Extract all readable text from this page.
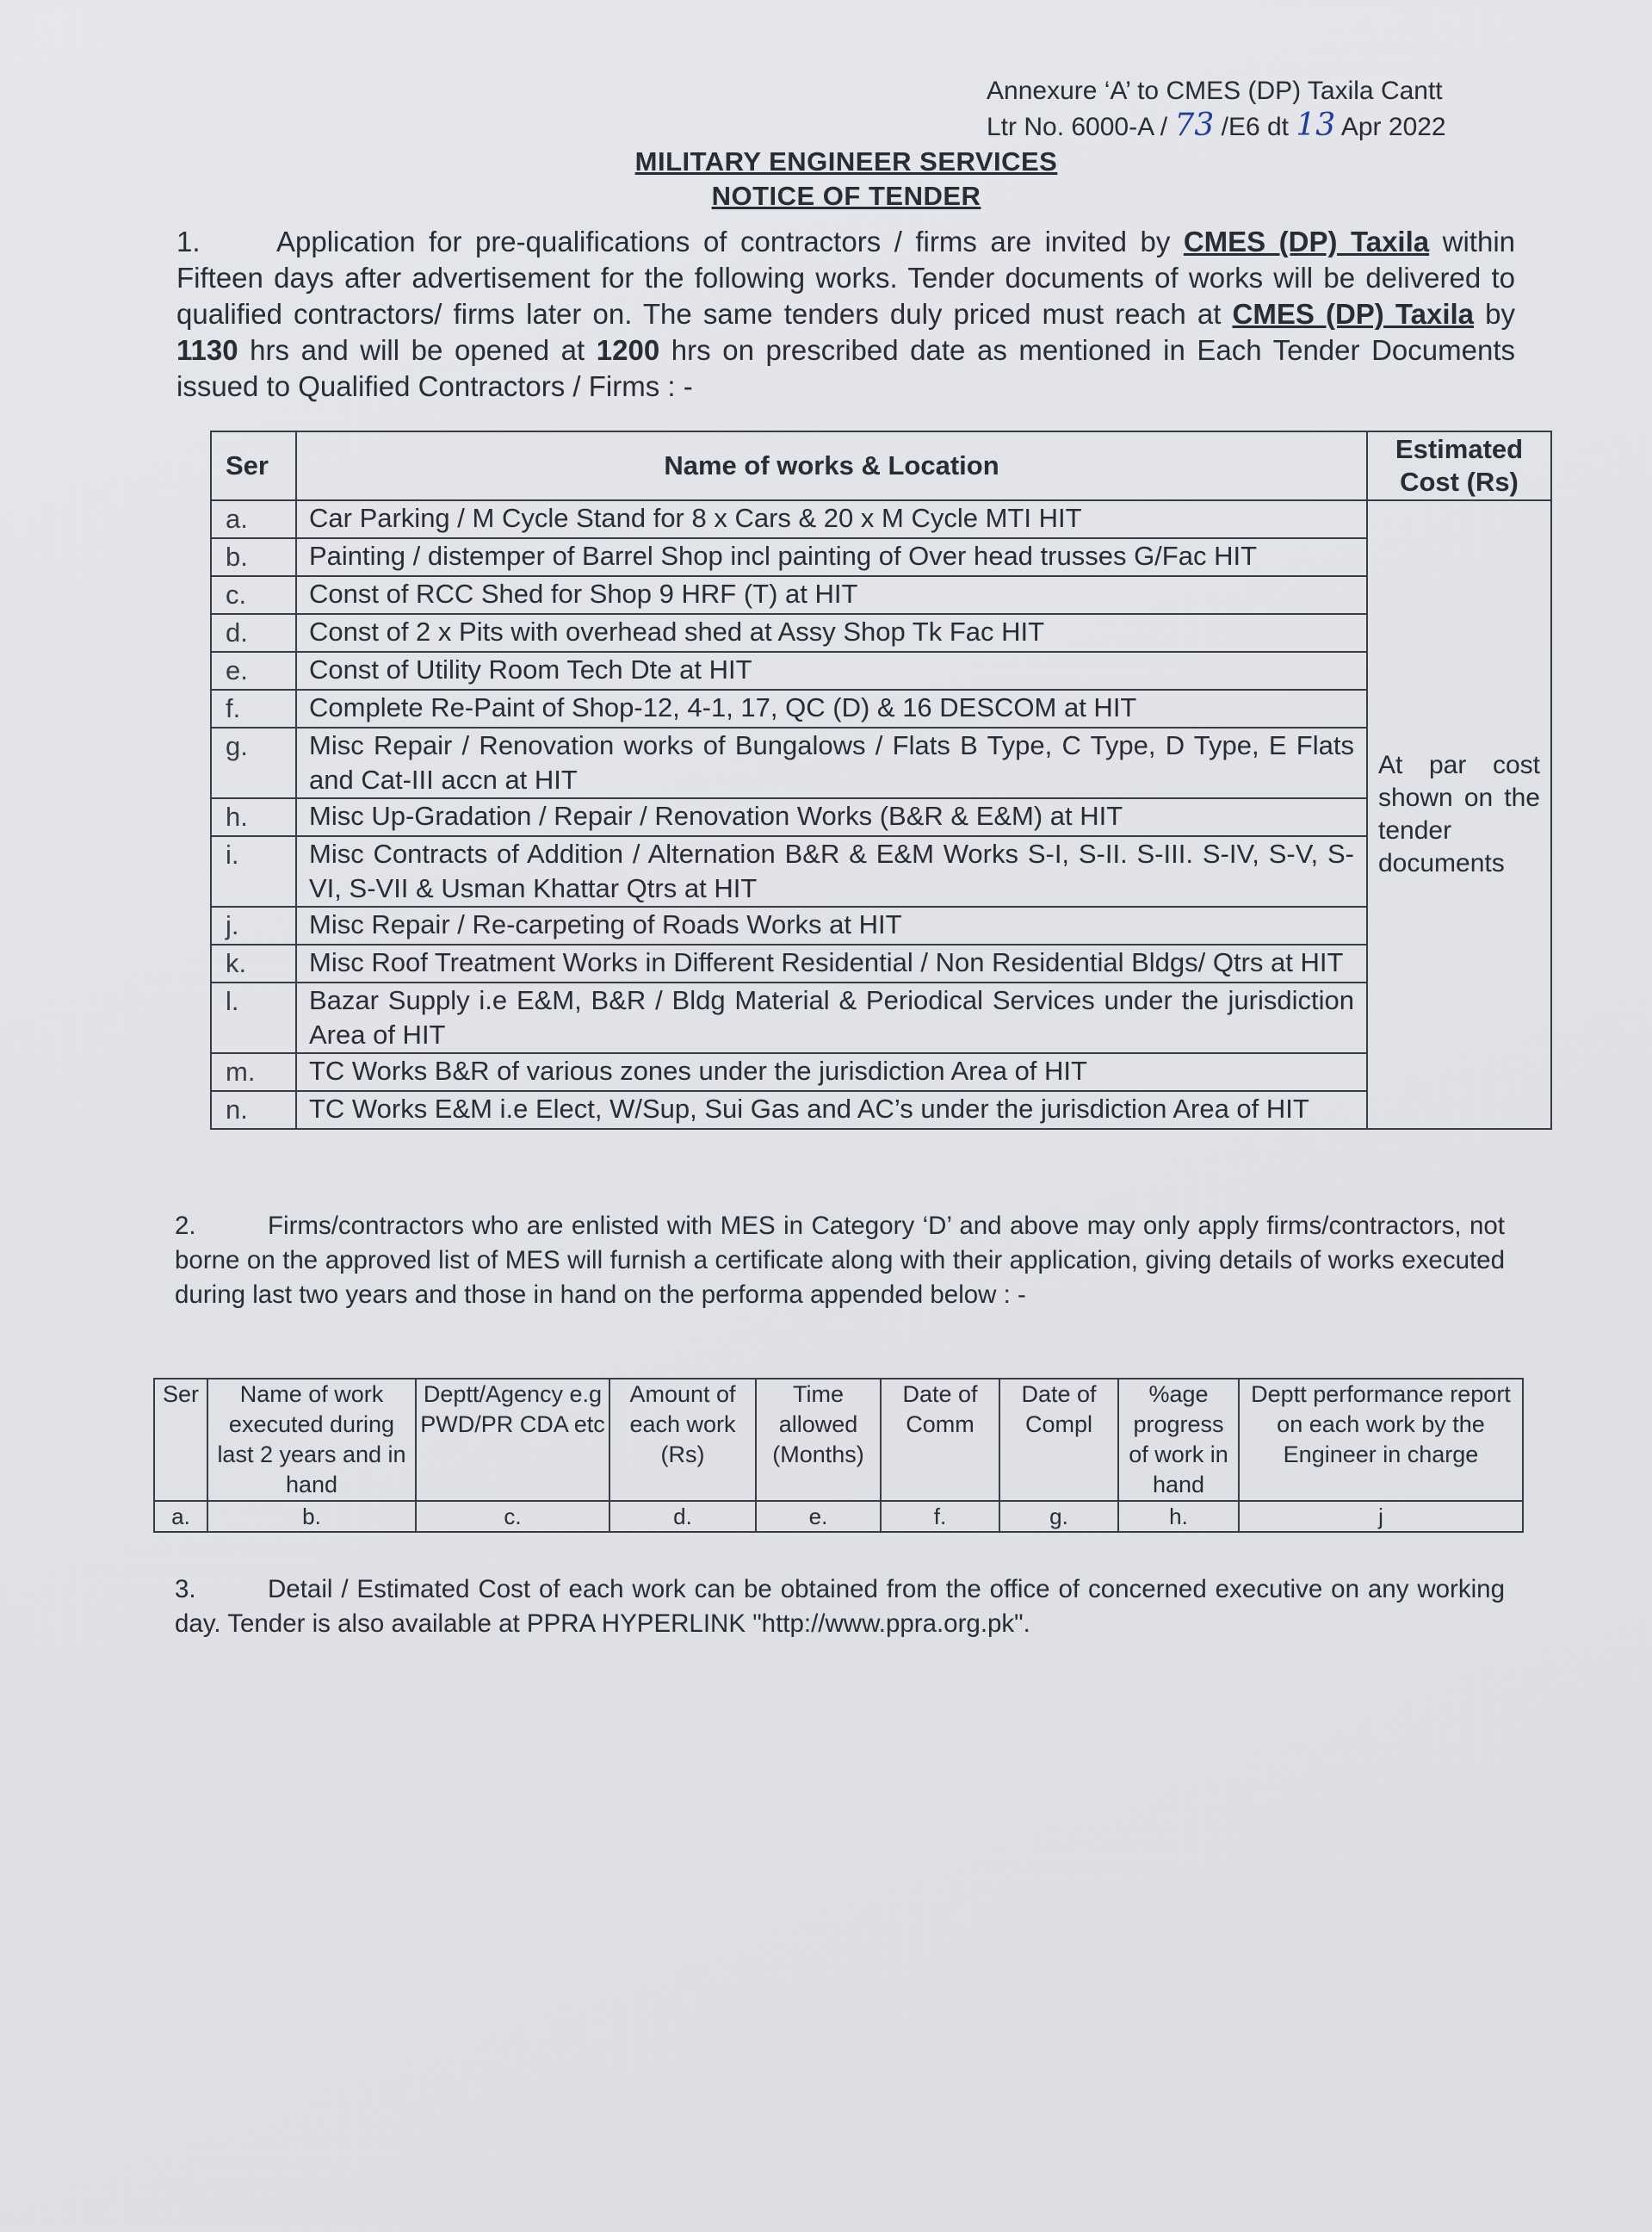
Annexure ‘A’ to CMES (DP) Taxila Cantt
Ltr No. 6000-A / 73 /E6 dt 13 Apr 2022
MILITARY ENGINEER SERVICES
NOTICE OF TENDER
1.	Application for pre-qualifications of contractors / firms are invited by CMES (DP) Taxila within Fifteen days after advertisement for the following works. Tender documents of works will be delivered to qualified contractors/ firms later on. The same tenders duly priced must reach at CMES (DP) Taxila by 1130 hrs and will be opened at 1200 hrs on prescribed date as mentioned in Each Tender Documents issued to Qualified Contractors / Firms : -
Ser	Name of works & Location	Estimated Cost (Rs)
a.	Car Parking / M Cycle Stand for 8 x Cars & 20 x M Cycle MTI HIT	At par cost shown on the tender documents
b.	Painting / distemper of Barrel Shop incl painting of Over head trusses G/Fac HIT	
c.	Const of RCC Shed for Shop 9 HRF (T) at HIT	
d.	Const of 2 x Pits with overhead shed at Assy Shop Tk Fac HIT	
e.	Const of Utility Room Tech Dte at HIT	
f.	Complete Re-Paint of Shop-12, 4-1, 17, QC (D) & 16 DESCOM at HIT	
g.	Misc Repair / Renovation works of Bungalows / Flats B Type, C Type, D Type, E Flats and Cat-III accn at HIT	
h.	Misc Up-Gradation / Repair / Renovation Works (B&R & E&M) at HIT	
i.	Misc Contracts of Addition / Alternation B&R & E&M Works S-I, S-II. S-III. S-IV, S-V, S-VI, S-VII & Usman Khattar Qtrs at HIT	
j.	Misc Repair / Re-carpeting of Roads Works at HIT	
k.	Misc Roof Treatment Works in Different Residential / Non Residential Bldgs/ Qtrs at HIT	
l.	Bazar Supply i.e E&M, B&R / Bldg Material & Periodical Services under the jurisdiction Area of HIT	
m.	TC Works B&R of various zones under the jurisdiction Area of HIT	
n.	TC Works E&M i.e Elect, W/Sup, Sui Gas and AC’s under the jurisdiction Area of HIT	
2.	Firms/contractors who are enlisted with MES in Category ‘D’ and above may only apply firms/contractors, not borne on the approved list of MES will furnish a certificate along with their application, giving details of works executed during last two years and those in hand on the performa appended below : -
Ser	Name of work executed during last 2 years and in hand	Deptt/Agency e.g PWD/PR CDA etc	Amount of each work (Rs)	Time allowed (Months)	Date of Comm	Date of Compl	%age progress of work in hand	Deptt performance report on each work by the Engineer in charge
a.	b.	c.	d.	e.	f.	g.	h.	j
3.	Detail / Estimated Cost of each work can be obtained from the office of concerned executive on any working day. Tender is also available at PPRA HYPERLINK "http://www.ppra.org.pk".
